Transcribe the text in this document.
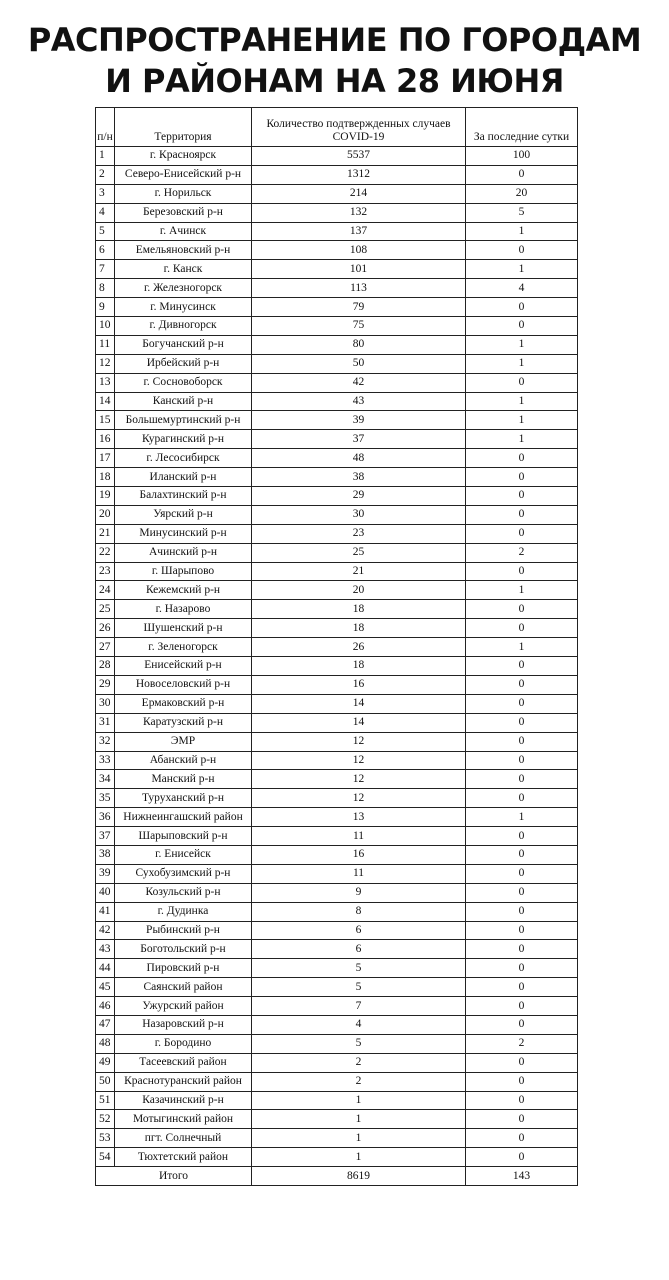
РАСПРОСТРАНЕНИЕ ПО ГОРОДАМ
И РАЙОНАМ НА 28 ИЮНЯ
п/н	Территория	Количество подтвержденных случаев COVID-19	За последние сутки
1	г. Красноярск	5537	100
2	Северо-Енисейский р-н	1312	0
3	г. Норильск	214	20
4	Березовский р-н	132	5
5	г. Ачинск	137	1
6	Емельяновский р-н	108	0
7	г. Канск	101	1
8	г. Железногорск	113	4
9	г. Минусинск	79	0
10	г. Дивногорск	75	0
11	Богучанский р-н	80	1
12	Ирбейский р-н	50	1
13	г. Сосновоборск	42	0
14	Канский р-н	43	1
15	Большемуртинский р-н	39	1
16	Курагинский р-н	37	1
17	г. Лесосибирск	48	0
18	Иланский р-н	38	0
19	Балахтинский р-н	29	0
20	Уярский р-н	30	0
21	Минусинский р-н	23	0
22	Ачинский р-н	25	2
23	г. Шарыпово	21	0
24	Кежемский р-н	20	1
25	г. Назарово	18	0
26	Шушенский р-н	18	0
27	г. Зеленогорск	26	1
28	Енисейский р-н	18	0
29	Новоселовский р-н	16	0
30	Ермаковский р-н	14	0
31	Каратузский р-н	14	0
32	ЭМР	12	0
33	Абанский р-н	12	0
34	Манский р-н	12	0
35	Туруханский р-н	12	0
36	Нижнеингашский район	13	1
37	Шарыповский р-н	11	0
38	г. Енисейск	16	0
39	Сухобузимский р-н	11	0
40	Козульский р-н	9	0
41	г. Дудинка	8	0
42	Рыбинский р-н	6	0
43	Боготольский р-н	6	0
44	Пировский р-н	5	0
45	Саянский район	5	0
46	Ужурский район	7	0
47	Назаровский р-н	4	0
48	г. Бородино	5	2
49	Тасеевский район	2	0
50	Краснотуранский район	2	0
51	Казачинский р-н	1	0
52	Мотыгинский район	1	0
53	пгт. Солнечный	1	0
54	Тюхтетский район	1	0
Итого		8619	143
